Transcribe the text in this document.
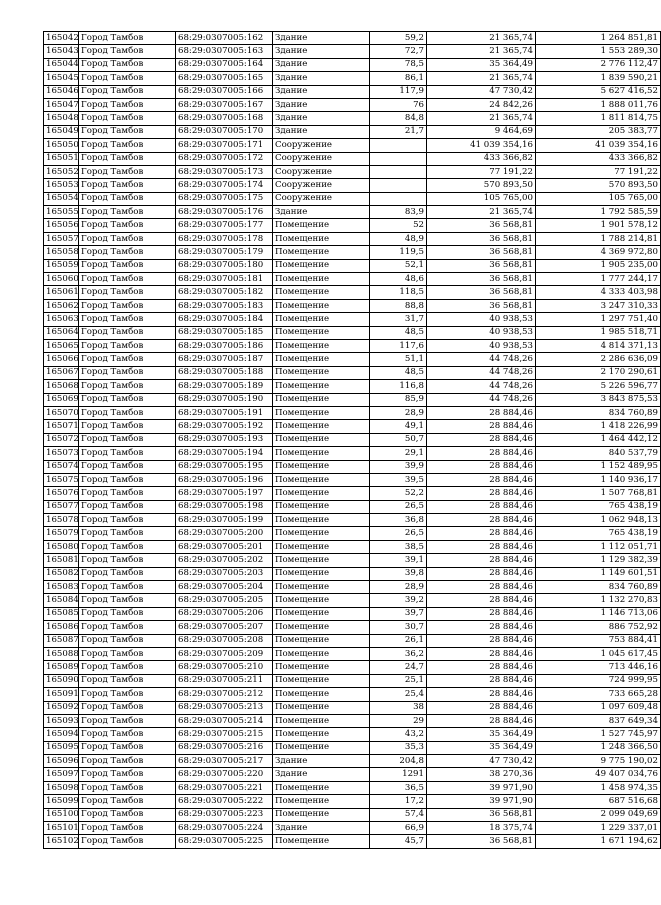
165042	Город Тамбов	68:29:0307005:162	Здание	59,2	21 365,74	1 264 851,81
165043	Город Тамбов	68:29:0307005:163	Здание	72,7	21 365,74	1 553 289,30
165044	Город Тамбов	68:29:0307005:164	Здание	78,5	35 364,49	2 776 112,47
165045	Город Тамбов	68:29:0307005:165	Здание	86,1	21 365,74	1 839 590,21
165046	Город Тамбов	68:29:0307005:166	Здание	117,9	47 730,42	5 627 416,52
165047	Город Тамбов	68:29:0307005:167	Здание	76	24 842,26	1 888 011,76
165048	Город Тамбов	68:29:0307005:168	Здание	84,8	21 365,74	1 811 814,75
165049	Город Тамбов	68:29:0307005:170	Здание	21,7	9 464,69	205 383,77
165050	Город Тамбов	68:29:0307005:171	Сооружение		41 039 354,16	41 039 354,16
165051	Город Тамбов	68:29:0307005:172	Сооружение		433 366,82	433 366,82
165052	Город Тамбов	68:29:0307005:173	Сооружение		77 191,22	77 191,22
165053	Город Тамбов	68:29:0307005:174	Сооружение		570 893,50	570 893,50
165054	Город Тамбов	68:29:0307005:175	Сооружение		105 765,00	105 765,00
165055	Город Тамбов	68:29:0307005:176	Здание	83,9	21 365,74	1 792 585,59
165056	Город Тамбов	68:29:0307005:177	Помещение	52	36 568,81	1 901 578,12
165057	Город Тамбов	68:29:0307005:178	Помещение	48,9	36 568,81	1 788 214,81
165058	Город Тамбов	68:29:0307005:179	Помещение	119,5	36 568,81	4 369 972,80
165059	Город Тамбов	68:29:0307005:180	Помещение	52,1	36 568,81	1 905 235,00
165060	Город Тамбов	68:29:0307005:181	Помещение	48,6	36 568,81	1 777 244,17
165061	Город Тамбов	68:29:0307005:182	Помещение	118,5	36 568,81	4 333 403,98
165062	Город Тамбов	68:29:0307005:183	Помещение	88,8	36 568,81	3 247 310,33
165063	Город Тамбов	68:29:0307005:184	Помещение	31,7	40 938,53	1 297 751,40
165064	Город Тамбов	68:29:0307005:185	Помещение	48,5	40 938,53	1 985 518,71
165065	Город Тамбов	68:29:0307005:186	Помещение	117,6	40 938,53	4 814 371,13
165066	Город Тамбов	68:29:0307005:187	Помещение	51,1	44 748,26	2 286 636,09
165067	Город Тамбов	68:29:0307005:188	Помещение	48,5	44 748,26	2 170 290,61
165068	Город Тамбов	68:29:0307005:189	Помещение	116,8	44 748,26	5 226 596,77
165069	Город Тамбов	68:29:0307005:190	Помещение	85,9	44 748,26	3 843 875,53
165070	Город Тамбов	68:29:0307005:191	Помещение	28,9	28 884,46	834 760,89
165071	Город Тамбов	68:29:0307005:192	Помещение	49,1	28 884,46	1 418 226,99
165072	Город Тамбов	68:29:0307005:193	Помещение	50,7	28 884,46	1 464 442,12
165073	Город Тамбов	68:29:0307005:194	Помещение	29,1	28 884,46	840 537,79
165074	Город Тамбов	68:29:0307005:195	Помещение	39,9	28 884,46	1 152 489,95
165075	Город Тамбов	68:29:0307005:196	Помещение	39,5	28 884,46	1 140 936,17
165076	Город Тамбов	68:29:0307005:197	Помещение	52,2	28 884,46	1 507 768,81
165077	Город Тамбов	68:29:0307005:198	Помещение	26,5	28 884,46	765 438,19
165078	Город Тамбов	68:29:0307005:199	Помещение	36,8	28 884,46	1 062 948,13
165079	Город Тамбов	68:29:0307005:200	Помещение	26,5	28 884,46	765 438,19
165080	Город Тамбов	68:29:0307005:201	Помещение	38,5	28 884,46	1 112 051,71
165081	Город Тамбов	68:29:0307005:202	Помещение	39,1	28 884,46	1 129 382,39
165082	Город Тамбов	68:29:0307005:203	Помещение	39,8	28 884,46	1 149 601,51
165083	Город Тамбов	68:29:0307005:204	Помещение	28,9	28 884,46	834 760,89
165084	Город Тамбов	68:29:0307005:205	Помещение	39,2	28 884,46	1 132 270,83
165085	Город Тамбов	68:29:0307005:206	Помещение	39,7	28 884,46	1 146 713,06
165086	Город Тамбов	68:29:0307005:207	Помещение	30,7	28 884,46	886 752,92
165087	Город Тамбов	68:29:0307005:208	Помещение	26,1	28 884,46	753 884,41
165088	Город Тамбов	68:29:0307005:209	Помещение	36,2	28 884,46	1 045 617,45
165089	Город Тамбов	68:29:0307005:210	Помещение	24,7	28 884,46	713 446,16
165090	Город Тамбов	68:29:0307005:211	Помещение	25,1	28 884,46	724 999,95
165091	Город Тамбов	68:29:0307005:212	Помещение	25,4	28 884,46	733 665,28
165092	Город Тамбов	68:29:0307005:213	Помещение	38	28 884,46	1 097 609,48
165093	Город Тамбов	68:29:0307005:214	Помещение	29	28 884,46	837 649,34
165094	Город Тамбов	68:29:0307005:215	Помещение	43,2	35 364,49	1 527 745,97
165095	Город Тамбов	68:29:0307005:216	Помещение	35,3	35 364,49	1 248 366,50
165096	Город Тамбов	68:29:0307005:217	Здание	204,8	47 730,42	9 775 190,02
165097	Город Тамбов	68:29:0307005:220	Здание	1291	38 270,36	49 407 034,76
165098	Город Тамбов	68:29:0307005:221	Помещение	36,5	39 971,90	1 458 974,35
165099	Город Тамбов	68:29:0307005:222	Помещение	17,2	39 971,90	687 516,68
165100	Город Тамбов	68:29:0307005:223	Помещение	57,4	36 568,81	2 099 049,69
165101	Город Тамбов	68:29:0307005:224	Здание	66,9	18 375,74	1 229 337,01
165102	Город Тамбов	68:29:0307005:225	Помещение	45,7	36 568,81	1 671 194,62
